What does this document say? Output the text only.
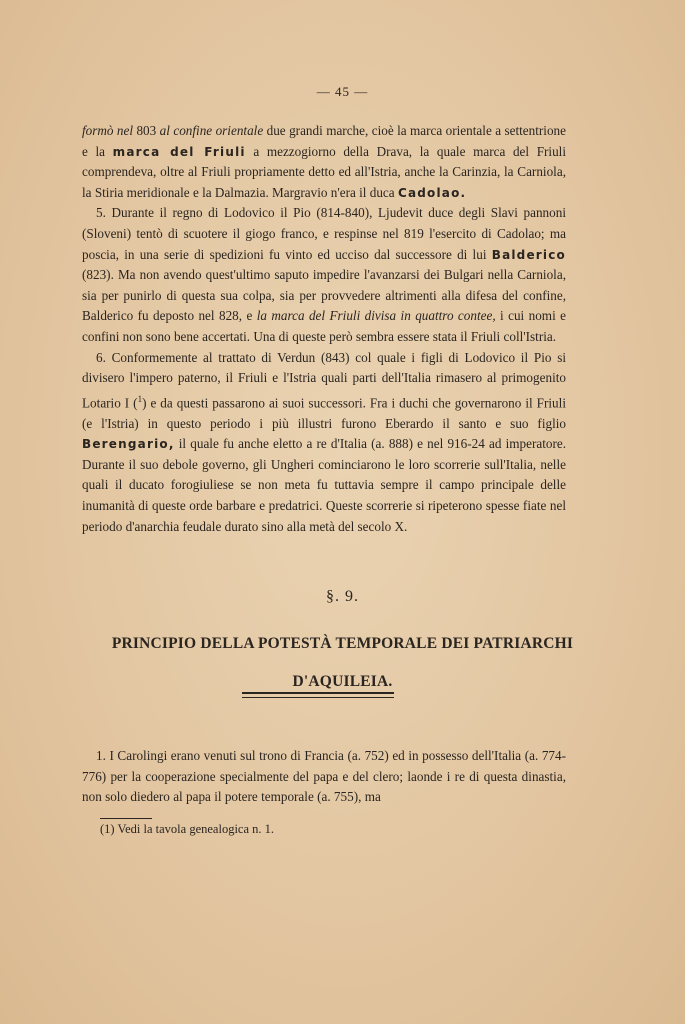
— 45 —

formò nel 803 al confine orientale due grandi marche, cioè la marca orientale a settentrione e la marca del Friuli a mezzogiorno della Drava, la quale marca del Friuli comprendeva, oltre al Friuli propriamente detto ed all'Istria, anche la Carinzia, la Carniola, la Stiria meridionale e la Dalmazia. Margravio n'era il duca Cadolao.

5. Durante il regno di Lodovico il Pio (814-840), Ljudevit duce degli Slavi pannoni (Sloveni) tentò di scuotere il giogo franco, e respinse nel 819 l'esercito di Cadolao; ma poscia, in una serie di spedizioni fu vinto ed ucciso dal successore di lui Balderico (823). Ma non avendo quest'ultimo saputo impedire l'avanzarsi dei Bulgari nella Carniola, sia per punirlo di questa sua colpa, sia per provvedere altrimenti alla difesa del confine, Balderico fu deposto nel 828, e la marca del Friuli divisa in quattro contee, i cui nomi e confini non sono bene accertati. Una di queste però sembra essere stata il Friuli coll'Istria.

6. Conformemente al trattato di Verdun (843) col quale i figli di Lodovico il Pio si divisero l'impero paterno, il Friuli e l'Istria quali parti dell'Italia rimasero al primogenito Lotario I ($^1$) e da questi passarono ai suoi successori. Fra i duchi che governarono il Friuli (e l'Istria) in questo periodo i più illustri furono Eberardo il santo e suo figlio Berengario, il quale fu anche eletto a re d'Italia (a. 888) e nel 916-24 ad imperatore. Durante il suo debole governo, gli Ungheri cominciarono le loro scorrerie sull'Italia, nelle quali il ducato forogiuliese se non meta fu tuttavia sempre il campo principale delle inumanità di queste orde barbare e predatrici. Queste scorrerie si ripeterono spesse fiate nel periodo d'anarchia feudale durato sino alla metà del secolo X.

§. 9.
PRINCIPIO DELLA POTESTÀ TEMPORALE DEI PATRIARCHI
D'AQUILEIA.

1. I Carolingi erano venuti sul trono di Francia (a. 752) ed in possesso dell'Italia (a. 774-776) per la cooperazione specialmente del papa e del clero; laonde i re di questa dinastia, non solo diedero al papa il potere temporale (a. 755), ma

(1) Vedi la tavola genealogica n. 1.
